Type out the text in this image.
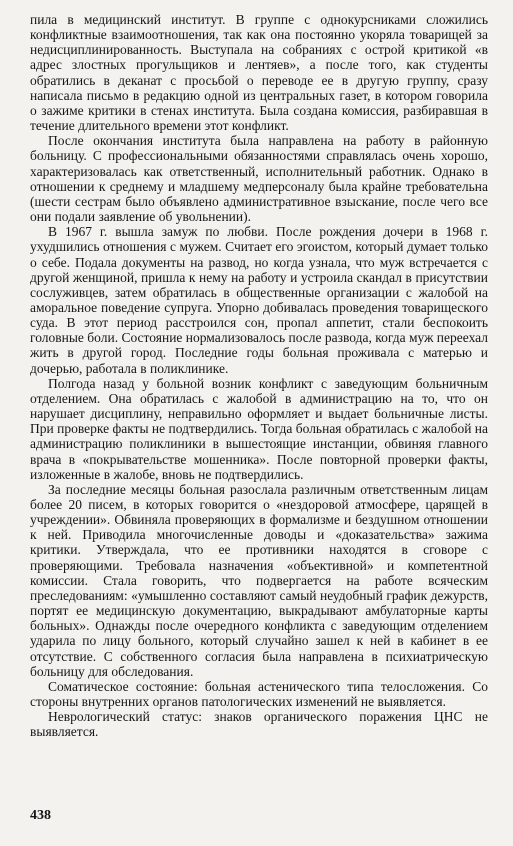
пила в медицинский институт. В группе с однокурсниками сложились конфликтные взаимоотношения, так как она постоянно укоряла товарищей за недисциплинированность. Выступала на собраниях с острой критикой «в адрес злостных прогульщиков и лентяев», а после того, как студенты обратились в деканат с просьбой о переводе ее в другую группу, сразу написала письмо в редакцию одной из центральных газет, в котором говорила о зажиме критики в стенах института. Была создана комиссия, разбиравшая в течение длительного времени этот конфликт.

После окончания института была направлена на работу в районную больницу. С профессиональными обязанностями справлялась очень хорошо, характеризовалась как ответственный, исполнительный работник. Однако в отношении к среднему и младшему медперсоналу была крайне требовательна (шести сестрам было объявлено административное взыскание, после чего все они подали заявление об увольнении).

В 1967 г. вышла замуж по любви. После рождения дочери в 1968 г. ухудшились отношения с мужем. Считает его эгоистом, который думает только о себе. Подала документы на развод, но когда узнала, что муж встречается с другой женщиной, пришла к нему на работу и устроила скандал в присутствии сослуживцев, затем обратилась в общественные организации с жалобой на аморальное поведение супруга. Упорно добивалась проведения товарищеского суда. В этот период расстроился сон, пропал аппетит, стали беспокоить головные боли. Состояние нормализовалось после развода, когда муж переехал жить в другой город. Последние годы больная проживала с матерью и дочерью, работала в поликлинике.

Полгода назад у больной возник конфликт с заведующим больничным отделением. Она обратилась с жалобой в администрацию на то, что он нарушает дисциплину, неправильно оформляет и выдает больничные листы. При проверке факты не подтвердились. Тогда больная обратилась с жалобой на администрацию поликлиники в вышестоящие инстанции, обвиняя главного врача в «покрывательстве мошенника». После повторной проверки факты, изложенные в жалобе, вновь не подтвердились.

За последние месяцы больная разослала различным ответственным лицам более 20 писем, в которых говорится о «нездоровой атмосфере, царящей в учреждении». Обвиняла проверяющих в формализме и бездушном отношении к ней. Приводила многочисленные доводы и «доказательства» зажима критики. Утверждала, что ее противники находятся в сговоре с проверяющими. Требовала назначения «объективной» и компетентной комиссии. Стала говорить, что подвергается на работе всяческим преследованиям: «умышленно составляют самый неудобный график дежурств, портят ее медицинскую документацию, выкрадывают амбулаторные карты больных». Однажды после очередного конфликта с заведующим отделением ударила по лицу больного, который случайно зашел к ней в кабинет в ее отсутствие. С собственного согласия была направлена в психиатрическую больницу для обследования.

Соматическое состояние: больная астенического типа телосложения. Со стороны внутренних органов патологических изменений не выявляется.

Неврологический статус: знаков органического поражения ЦНС не выявляется.

438
